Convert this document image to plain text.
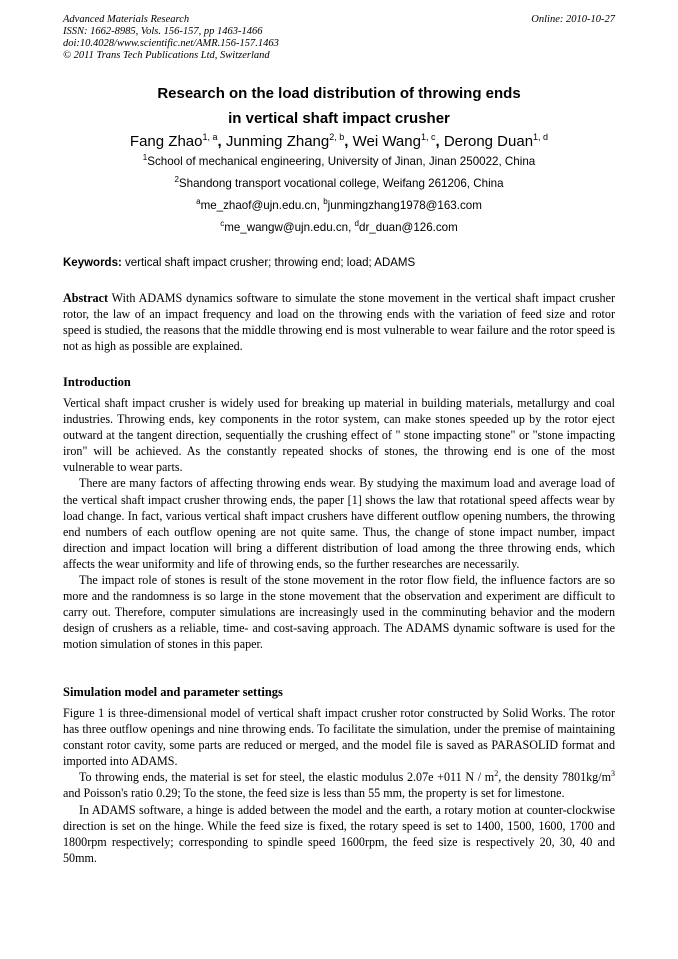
Advanced Materials Research
ISSN: 1662-8985, Vols. 156-157, pp 1463-1466
doi:10.4028/www.scientific.net/AMR.156-157.1463
© 2011 Trans Tech Publications Ltd, Switzerland
Online: 2010-10-27
Research on the load distribution of throwing ends
in vertical shaft impact crusher
Fang Zhao$^{1, a}$, Junming Zhang$^{2, b}$, Wei Wang$^{1, c}$, Derong Duan$^{1, d}$
$^1$School of mechanical engineering, University of Jinan, Jinan 250022, China
$^2$Shandong transport vocational college, Weifang 261206, China
$^a$me_zhaof@ujn.edu.cn, $^b$junmingzhang1978@163.com
$^c$me_wangw@ujn.edu.cn, $^d$dr_duan@126.com
Keywords: vertical shaft impact crusher; throwing end; load; ADAMS

Abstract With ADAMS dynamics software to simulate the stone movement in the vertical shaft impact crusher rotor, the law of an impact frequency and load on the throwing ends with the variation of feed size and rotor speed is studied, the reasons that the middle throwing end is most vulnerable to wear failure and the rotor speed is not as high as possible are explained.

Introduction

Vertical shaft impact crusher is widely used for breaking up material in building materials, metallurgy and coal industries. Throwing ends, key components in the rotor system, can make stones speeded up by the rotor eject outward at the tangent direction, sequentially the crushing effect of " stone impacting stone" or "stone impacting iron" will be achieved. As the constantly repeated shocks of stones, the throwing end is one of the most vulnerable to wear parts.

There are many factors of affecting throwing ends wear. By studying the maximum load and average load of the vertical shaft impact crusher throwing ends, the paper [1] shows the law that rotational speed affects wear by load change. In fact, various vertical shaft impact crushers have different outflow opening numbers, the throwing end numbers of each outflow opening are not quite same. Thus, the change of stone impact number, impact direction and impact location will bring a different distribution of load among the three throwing ends, which affects the wear uniformity and life of throwing ends, so the further researches are necessarily.

The impact role of stones is result of the stone movement in the rotor flow field, the influence factors are so more and the randomness is so large in the stone movement that the observation and experiment are difficult to carry out. Therefore, computer simulations are increasingly used in the comminuting behavior and the modern design of crushers as a reliable, time- and cost-saving approach. The ADAMS dynamic software is used for the motion simulation of stones in this paper.

Simulation model and parameter settings

Figure 1 is three-dimensional model of vertical shaft impact crusher rotor constructed by Solid Works. The rotor has three outflow openings and nine throwing ends. To facilitate the simulation, under the premise of maintaining constant rotor cavity, some parts are reduced or merged, and the model file is saved as PARASOLID format and imported into ADAMS.

To throwing ends, the material is set for steel, the elastic modulus 2.07e +011 N / $m^2$, the density $7801kg/m^3$ and Poisson's ratio 0.29; To the stone, the feed size is less than 55 mm, the property is set for limestone.

In ADAMS software, a hinge is added between the model and the earth, a rotary motion at counter-clockwise direction is set on the hinge. While the feed size is fixed, the rotary speed is set to 1400, 1500, 1600, 1700 and 1800rpm respectively; corresponding to spindle speed 1600rpm, the feed size is respectively 20, 30, 40 and 50mm.
